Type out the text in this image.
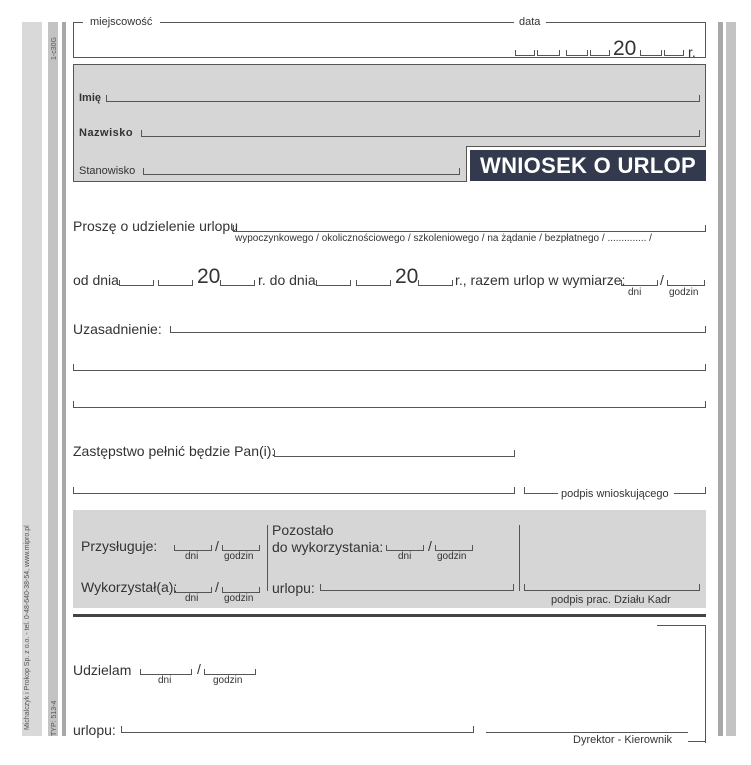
1-c30G
Michalczyk i Prokop Sp. z o.o. - tel. 0-48-640-38-54, www.mipro.pl	TYP: 513-4
miejscowość	data
20	r.
Imię
Nazwisko
Stanowisko	WNIOSEK O URLOP
Proszę o udzielenie urlopu
wypoczynkowego / okolicznościowego / szkoleniowego / na żądanie / bezpłatnego / .............. /
od dnia	20	r. do dnia	20	r., razem urlop w wymiarze: /
dni	godzin
Uzasadnienie:
Zastępstwo pełnić będzie Pan(i):
podpis wnioskującego
Przysługuje:	/
dni	godzin
Wykorzystał(a):	/
dni	godzin
Pozostało
do wykorzystania:	/
dni	godzin
urlopu:
podpis prac. Działu Kadr
Udzielam	/
dni	godzin
urlopu:
Dyrektor - Kierownik
